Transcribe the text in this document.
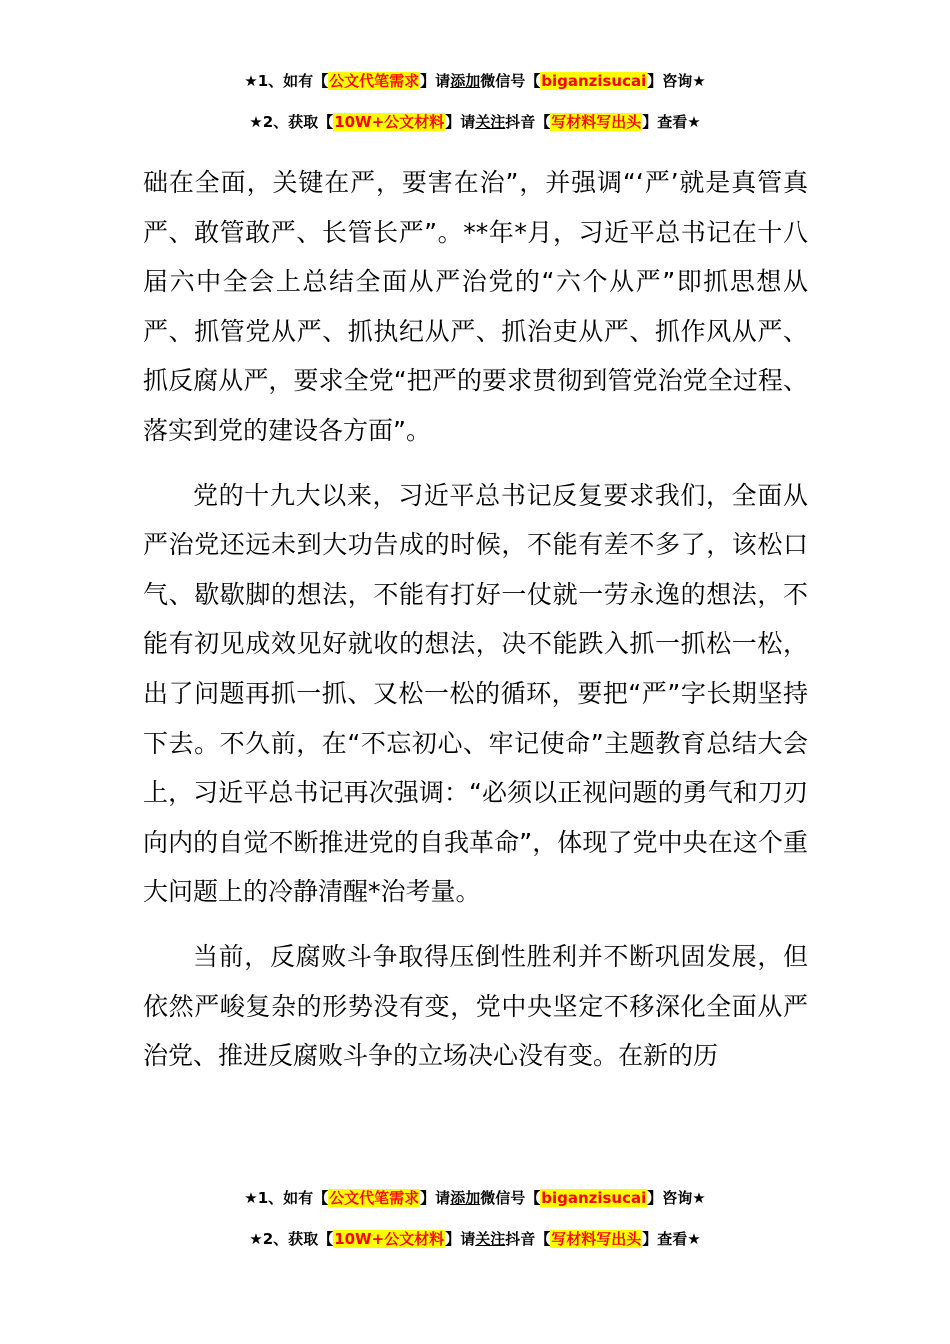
★1、如有【公文代笔需求】请添加微信号【biganzisucai】咨询★
★2、获取【10W+公文材料】请关注抖音【写材料写出头】查看★

础在全面，关键在严，要害在治”，并强调“‘严’就是真管真严、敢管敢严、长管长严”。**年*月，习近平总书记在十八届六中全会上总结全面从严治党的“六个从严”即抓思想从严、抓管党从严、抓执纪从严、抓治吏从严、抓作风从严、抓反腐从严，要求全党“把严的要求贯彻到管党治党全过程、落实到党的建设各方面”。

党的十九大以来，习近平总书记反复要求我们，全面从严治党还远未到大功告成的时候，不能有差不多了，该松口气、歇歇脚的想法，不能有打好一仗就一劳永逸的想法，不能有初见成效见好就收的想法，决不能跌入抓一抓松一松，出了问题再抓一抓、又松一松的循环，要把“严”字长期坚持下去。不久前，在“不忘初心、牢记使命”主题教育总结大会上，习近平总书记再次强调：“必须以正视问题的勇气和刀刃向内的自觉不断推进党的自我革命”，体现了党中央在这个重大问题上的冷静清醒*治考量。

当前，反腐败斗争取得压倒性胜利并不断巩固发展，但依然严峻复杂的形势没有变，党中央坚定不移深化全面从严治党、推进反腐败斗争的立场决心没有变。在新的历

★1、如有【公文代笔需求】请添加微信号【biganzisucai】咨询★
★2、获取【10W+公文材料】请关注抖音【写材料写出头】查看★
